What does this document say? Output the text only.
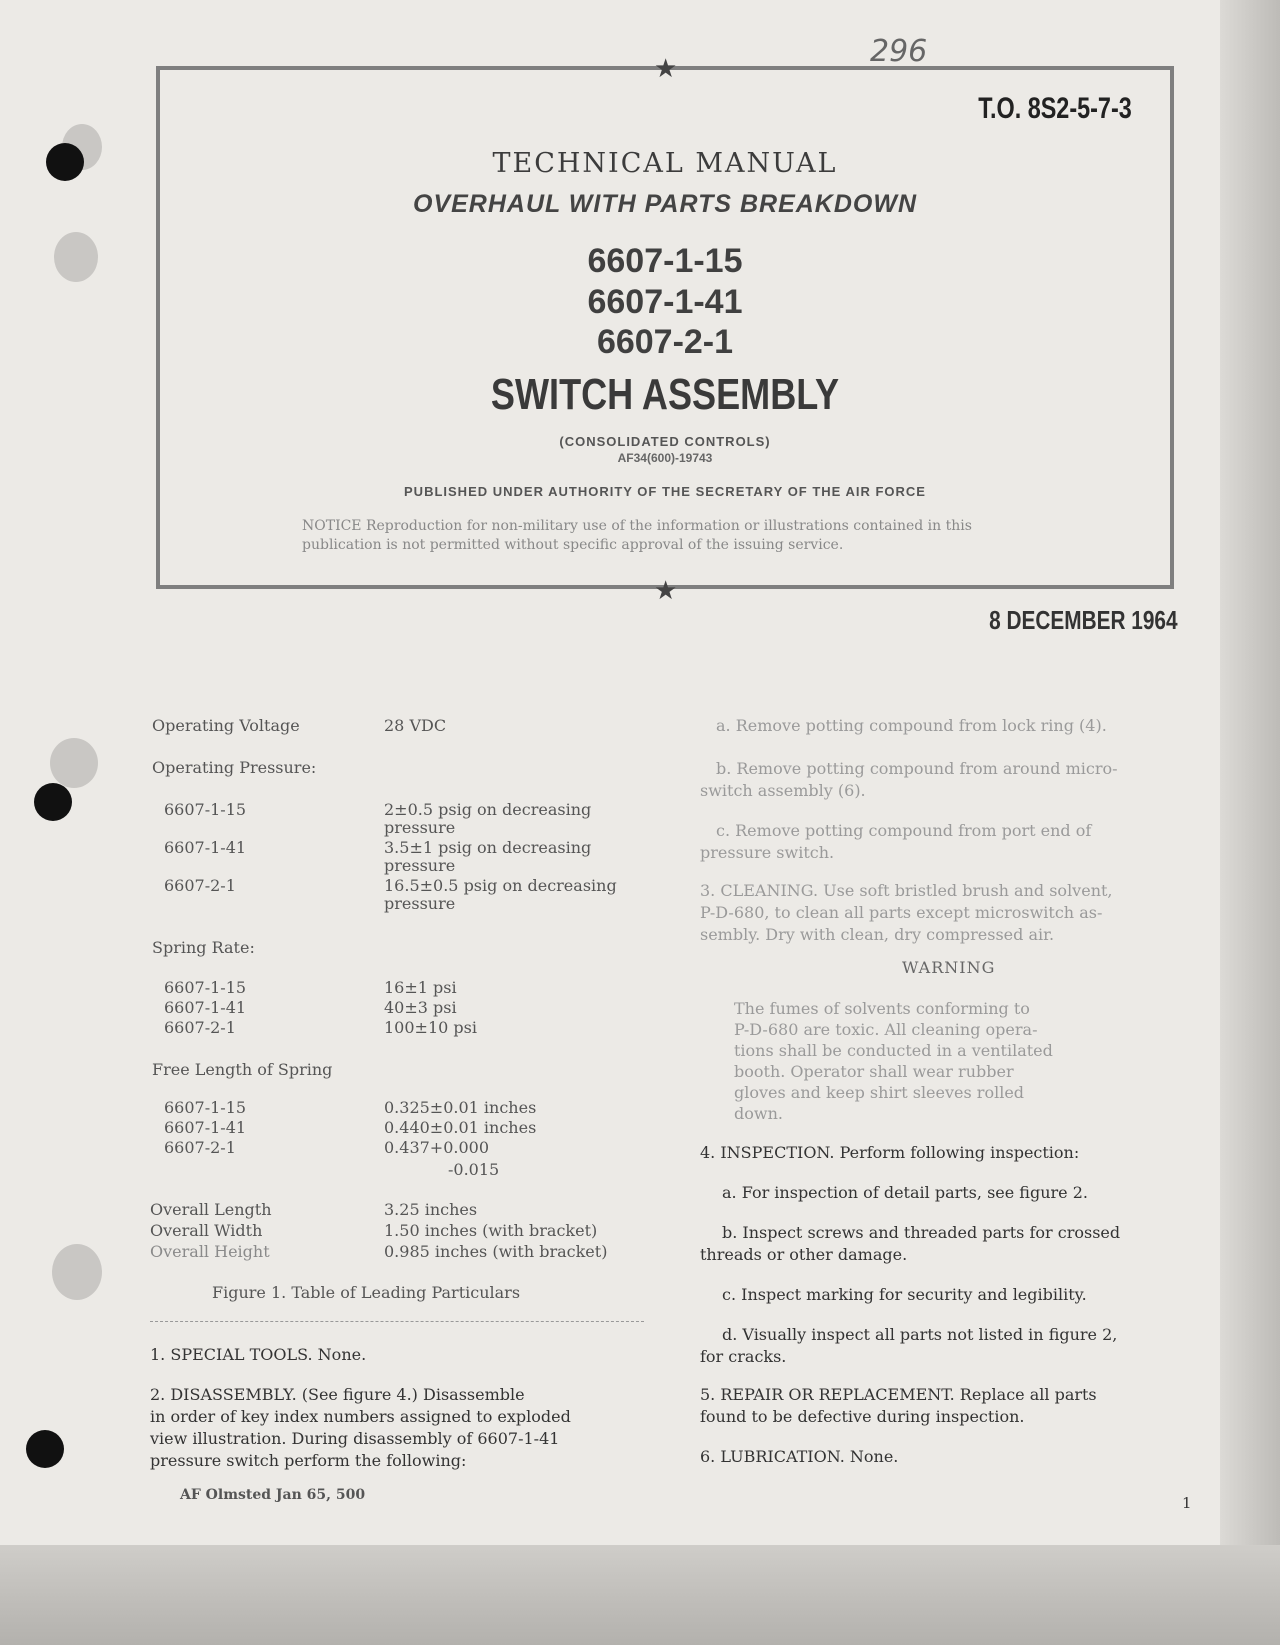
296
★
★
T.O. 8S2-5-7-3
TECHNICAL MANUAL
OVERHAUL WITH PARTS BREAKDOWN
6607-1-15
6607-1-41
6607-2-1
SWITCH ASSEMBLY
(CONSOLIDATED CONTROLS)
AF34(600)-19743
PUBLISHED UNDER AUTHORITY OF THE SECRETARY OF THE AIR FORCE
NOTICE Reproduction for non-military use of the information or illustrations contained in this
publication is not permitted without specific approval of the issuing service.
8 DECEMBER 1964
Operating Voltage	28 VDC
Operating Pressure:
6607-1-15	2±0.5 psig on decreasing
pressure
6607-1-41	3.5±1 psig on decreasing
pressure
6607-2-1	16.5±0.5 psig on decreasing
pressure
Spring Rate:
6607-1-15	16±1 psi
6607-1-41	40±3 psi
6607-2-1	100±10 psi
Free Length of Spring
6607-1-15	0.325±0.01 inches
6607-1-41	0.440±0.01 inches
6607-2-1	0.437+0.000
-0.015
Overall Length	3.25 inches
Overall Width	1.50 inches (with bracket)
Overall Height	0.985 inches (with bracket)
Figure 1. Table of Leading Particulars
1. SPECIAL TOOLS. None.
2. DISASSEMBLY. (See figure 4.) Disassemble
in order of key index numbers assigned to exploded
view illustration. During disassembly of 6607-1-41
pressure switch perform the following:
AF Olmsted Jan 65, 500
a. Remove potting compound from lock ring (4).
b. Remove potting compound from around micro-
switch assembly (6).
c. Remove potting compound from port end of
pressure switch.
3. CLEANING. Use soft bristled brush and solvent,
P-D-680, to clean all parts except microswitch as-
sembly. Dry with clean, dry compressed air.
WARNING
The fumes of solvents conforming to
P-D-680 are toxic. All cleaning opera-
tions shall be conducted in a ventilated
booth. Operator shall wear rubber
gloves and keep shirt sleeves rolled
down.
4. INSPECTION. Perform following inspection:
a. For inspection of detail parts, see figure 2.
b. Inspect screws and threaded parts for crossed
threads or other damage.
c. Inspect marking for security and legibility.
d. Visually inspect all parts not listed in figure 2,
for cracks.
5. REPAIR OR REPLACEMENT. Replace all parts
found to be defective during inspection.
6. LUBRICATION. None.
1
